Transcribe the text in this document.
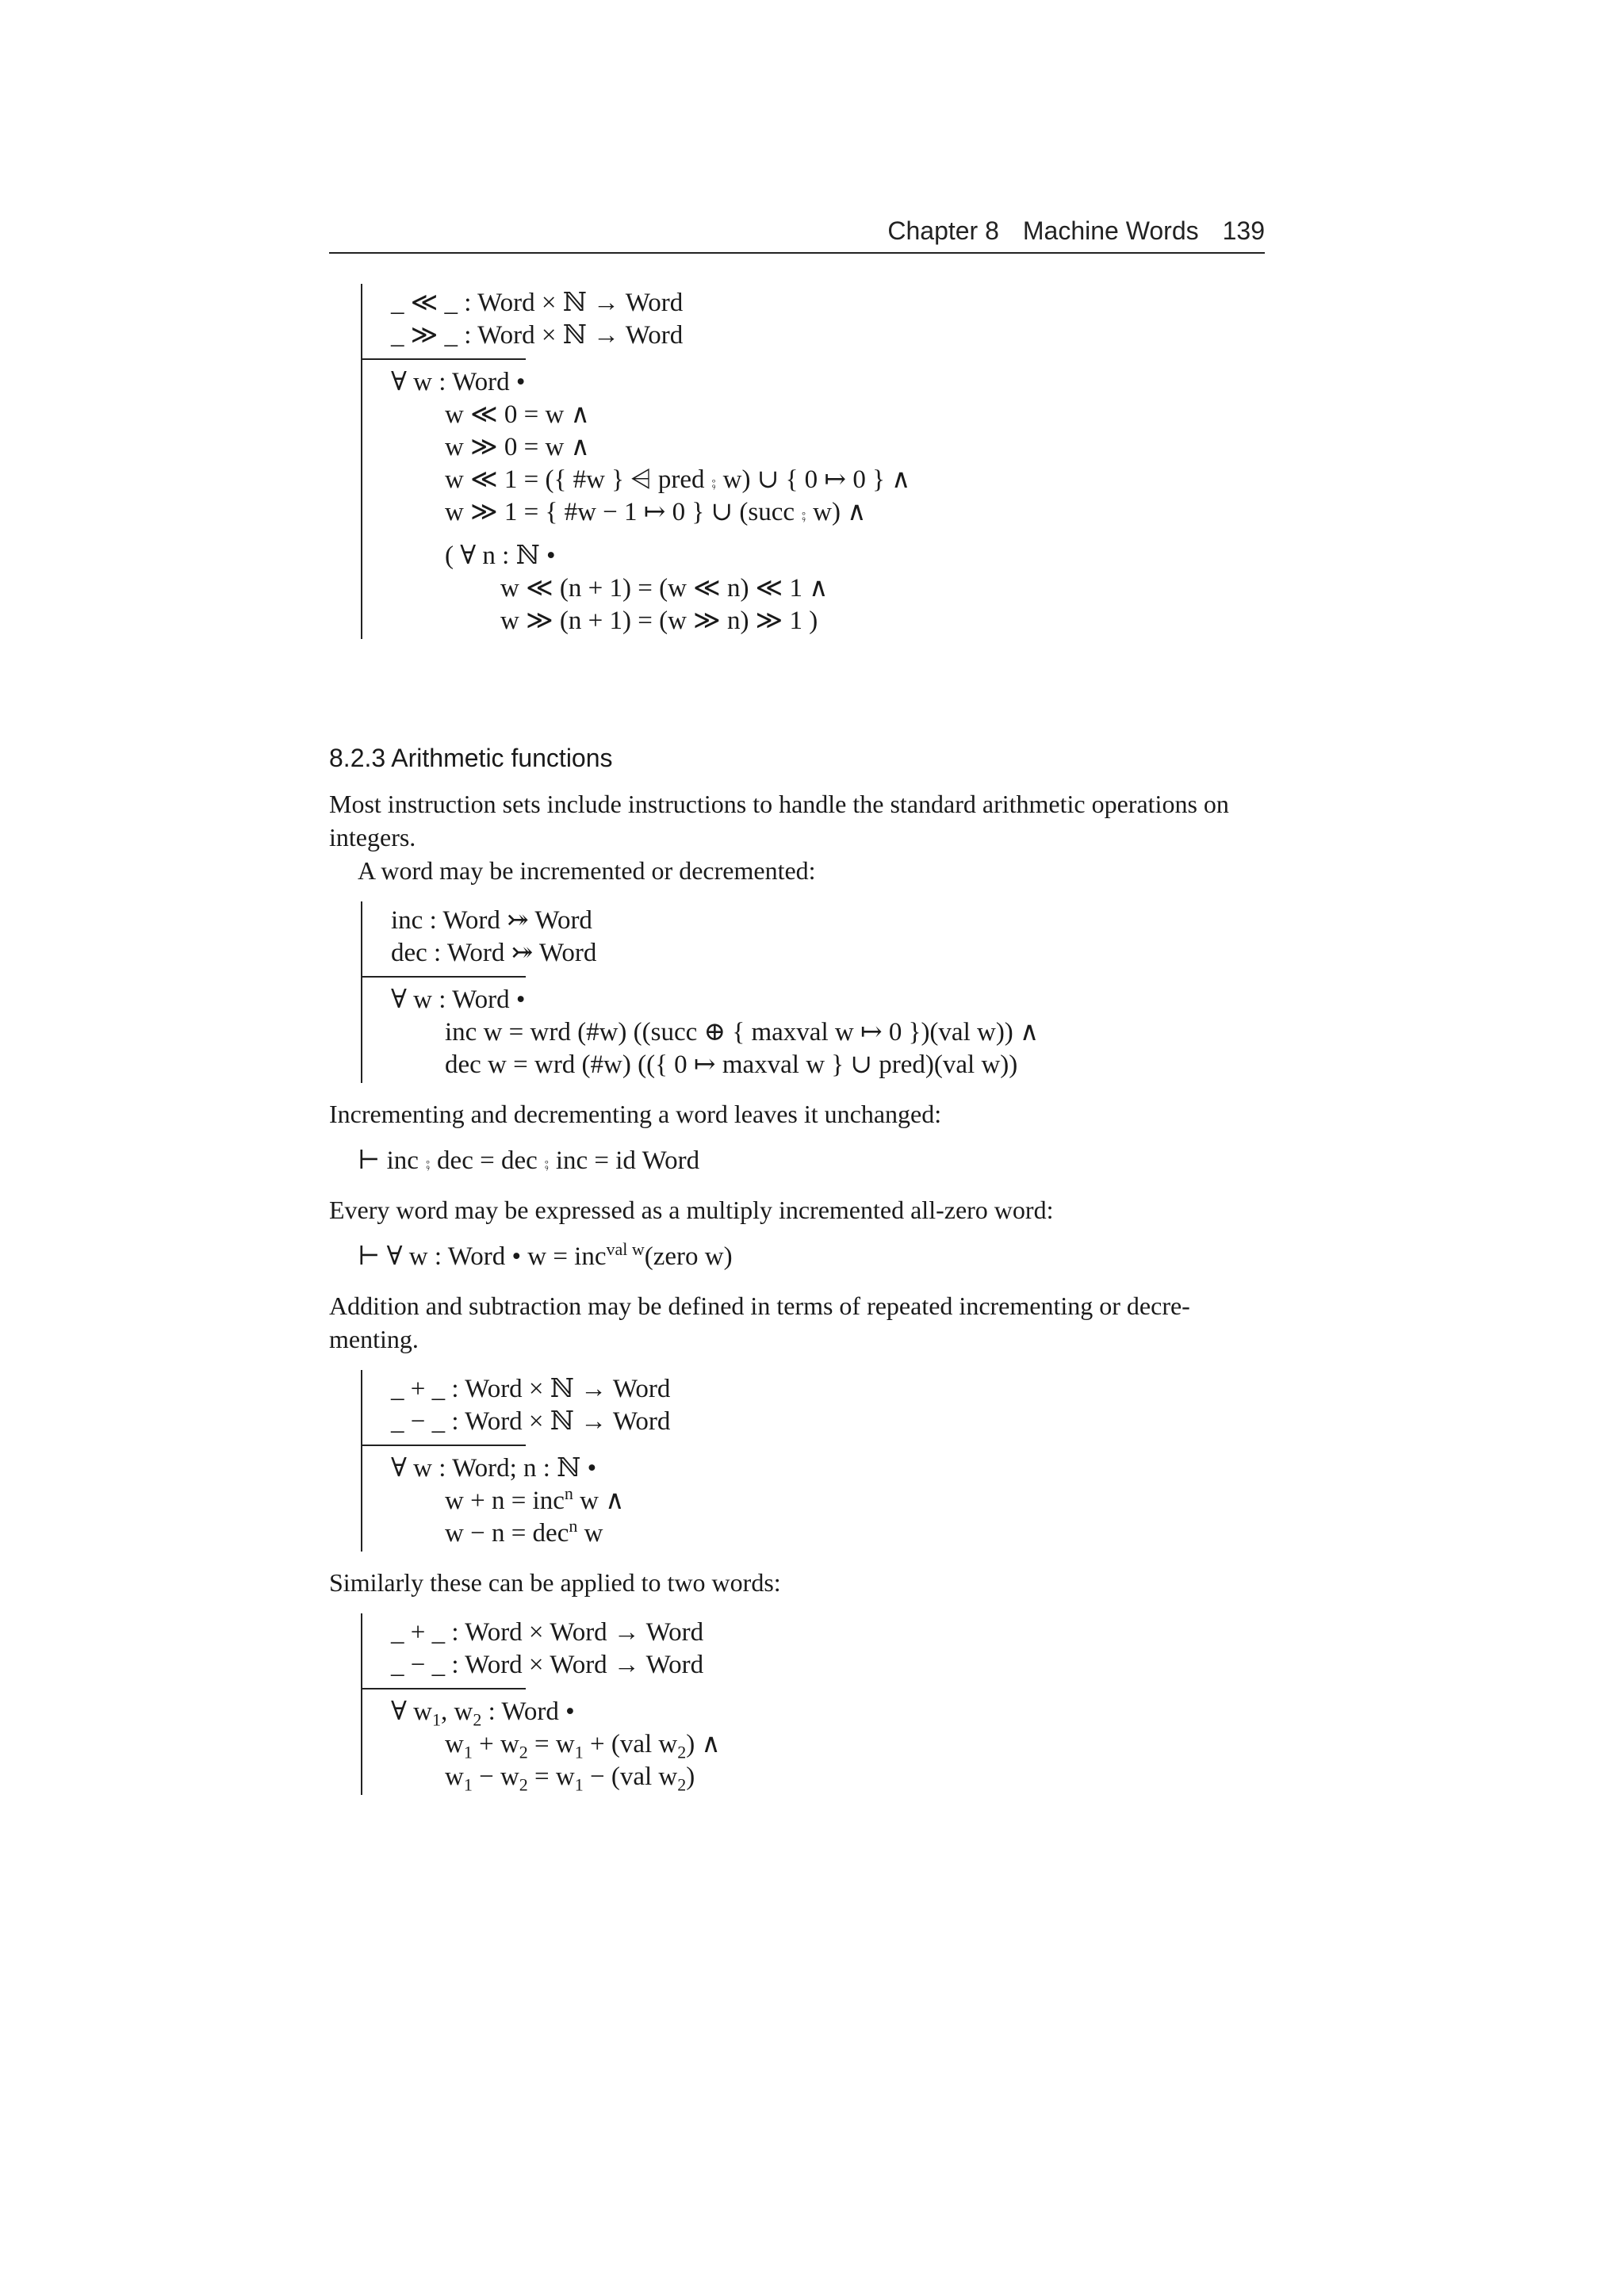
Chapter 8 Machine Words 139
_ ≪ _ : Word × ℕ → Word
_ ≫ _ : Word × ℕ → Word
∀ w : Word •
w ≪ 0 = w ∧
w ≫ 0 = w ∧
w ≪ 1 = ({ #w } ⩤ pred ⨾ w) ∪ { 0 ↦ 0 } ∧
w ≫ 1 = { #w − 1 ↦ 0 } ∪ (succ ⨾ w) ∧
( ∀ n : ℕ •
w ≪ (n + 1) = (w ≪ n) ≪ 1 ∧
w ≫ (n + 1) = (w ≫ n) ≫ 1 )
8.2.3 Arithmetic functions

Most instruction sets include instructions to handle the standard arithmetic operations on integers.

A word may be incremented or decremented:

inc : Word ⤖ Word
dec : Word ⤖ Word
∀ w : Word •
inc w = wrd (#w) ((succ ⊕ { maxval w ↦ 0 })(val w)) ∧
dec w = wrd (#w) (({ 0 ↦ maxval w } ∪ pred)(val w))

Incrementing and decrementing a word leaves it unchanged:

⊢ inc ⨾ dec = dec ⨾ inc = id Word

Every word may be expressed as a multiply incremented all-zero word:

⊢ ∀ w : Word • w = inc$^{val w}$(zero w)

Addition and subtraction may be defined in terms of repeated incrementing or decre-menting.

_ + _ : Word × ℕ → Word
_ − _ : Word × ℕ → Word
∀ w : Word; n : ℕ •
w + n = inc$^n$ w ∧
w − n = dec$^n$ w

Similarly these can be applied to two words:

_ + _ : Word × Word → Word
_ − _ : Word × Word → Word
∀ $w_1$, $w_2$ : Word •
$w_1 + w_2 = w_1 + (val$ $w_2$) ∧
$w_1 - w_2 = w_1 - (val$ $w_2$)
